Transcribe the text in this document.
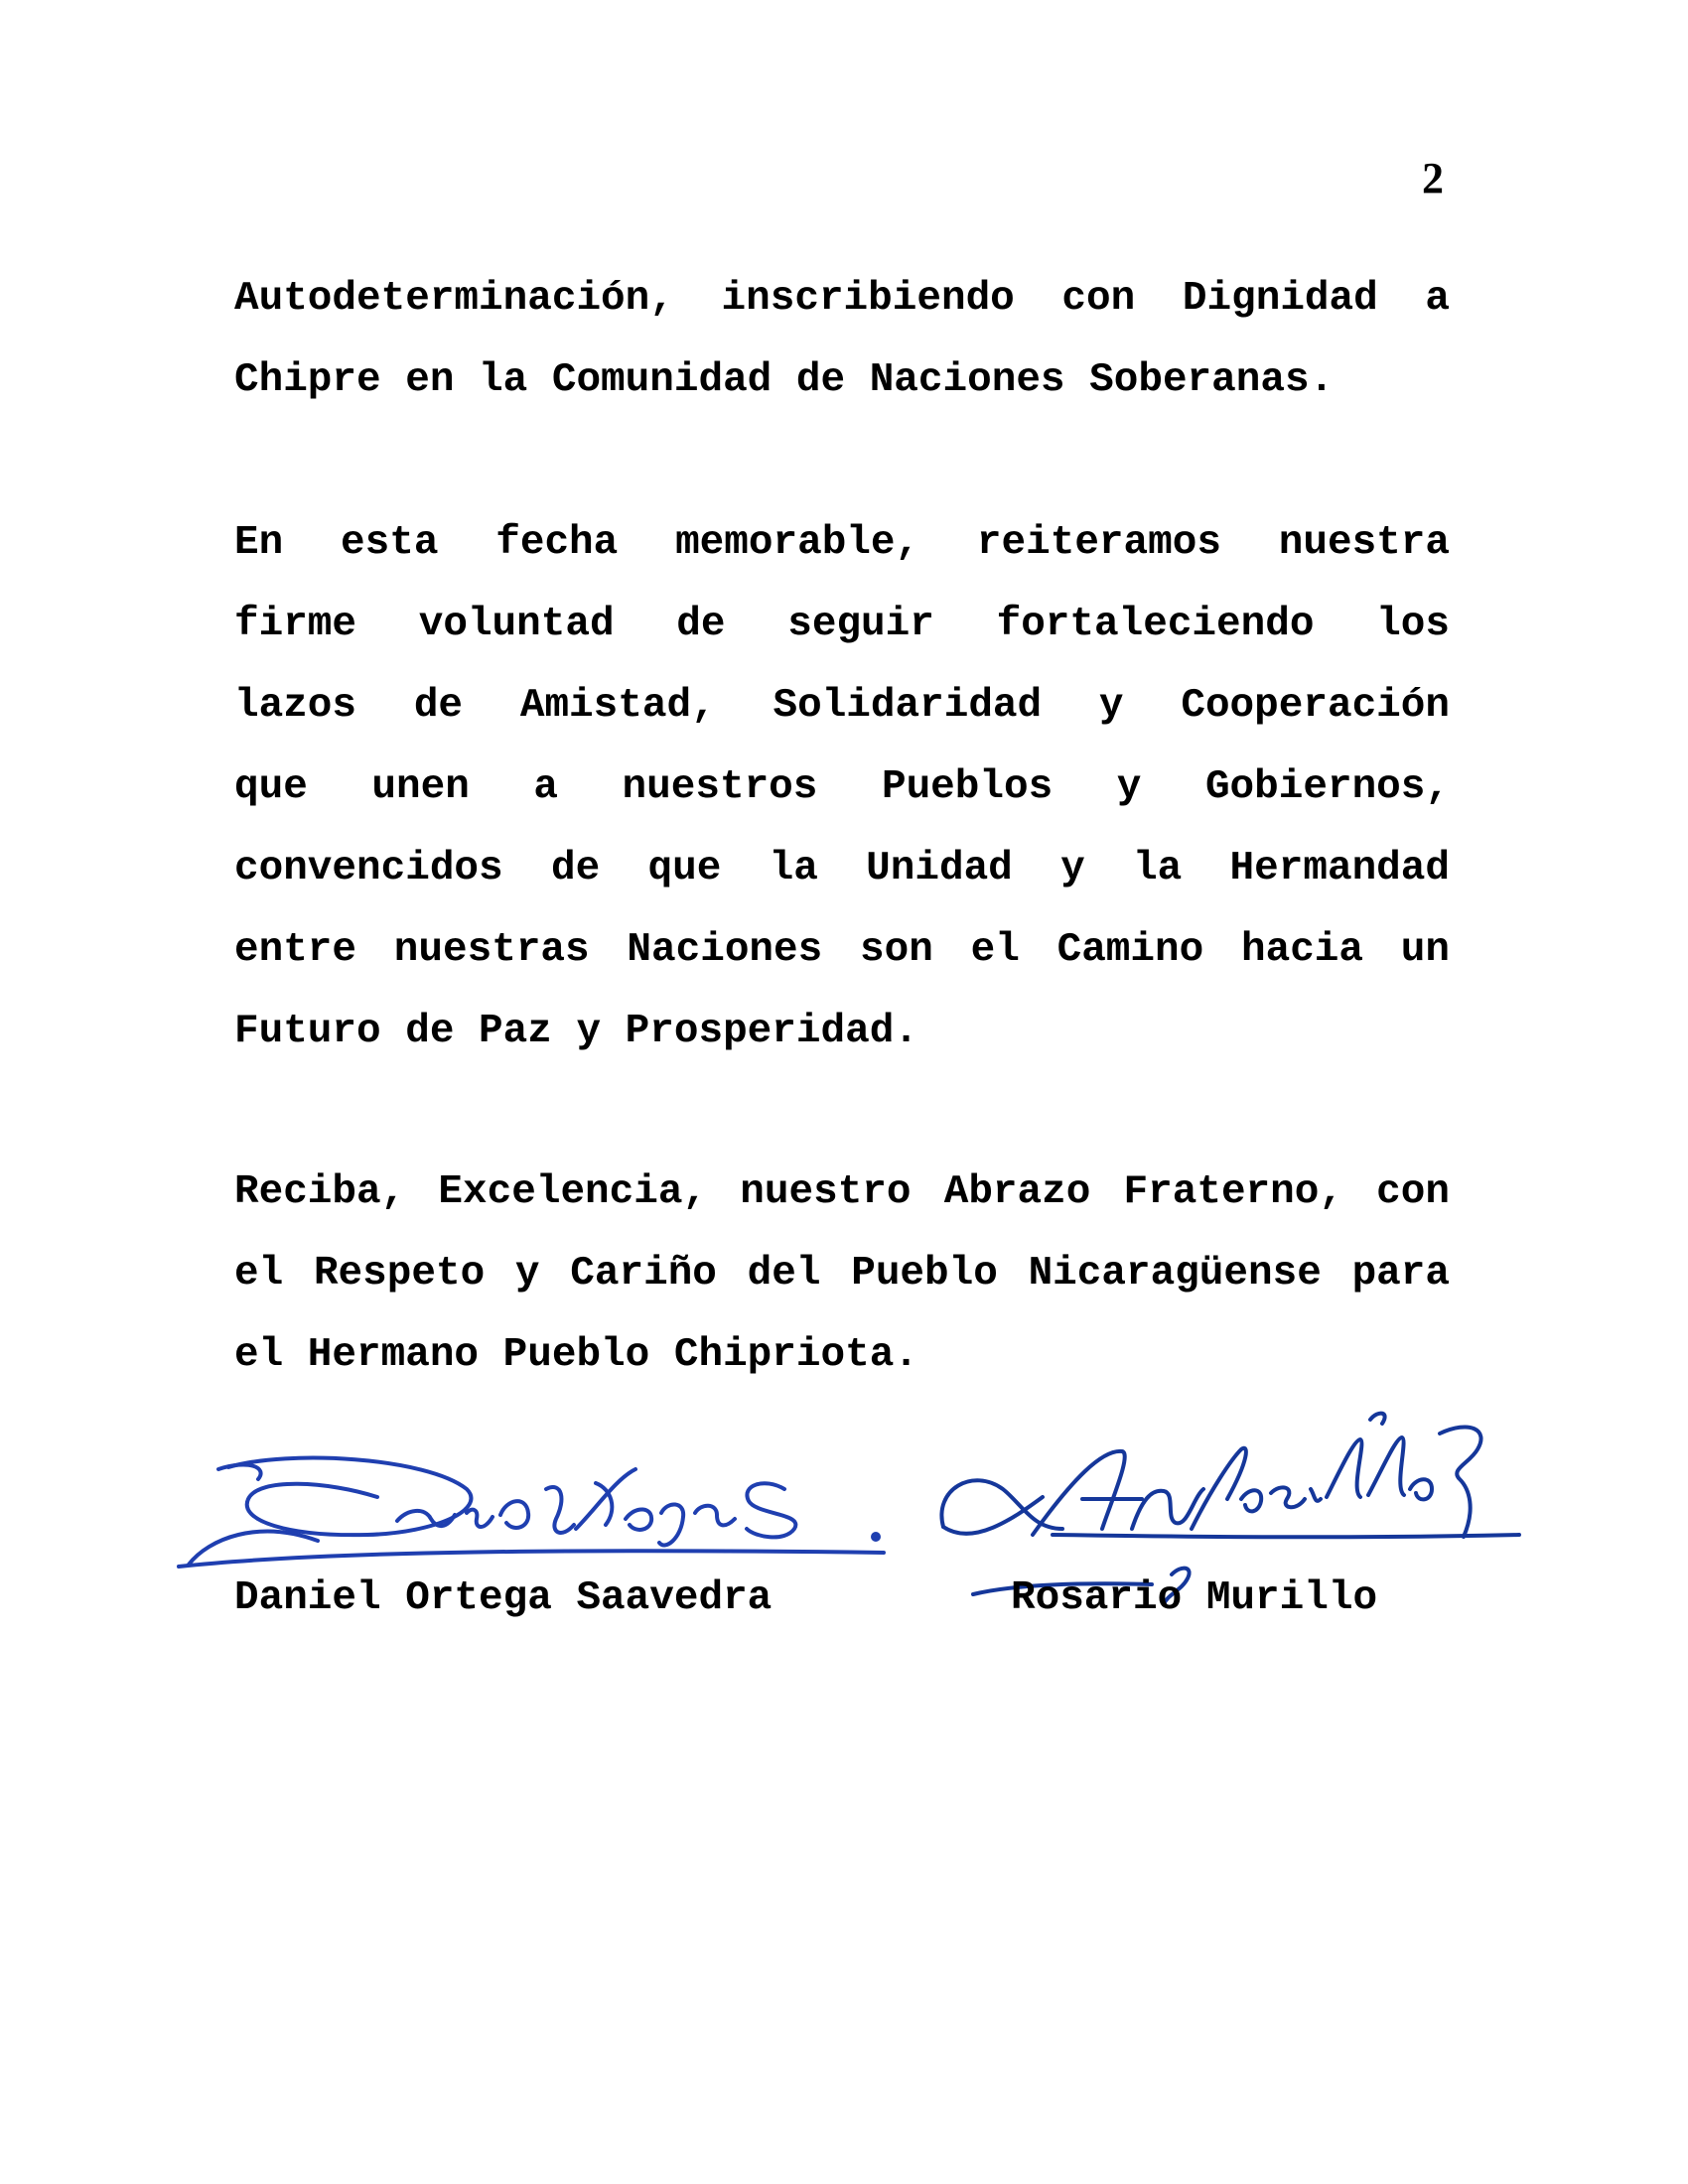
2
Autodeterminación, inscribiendo con Dignidad a
Chipre en la Comunidad de Naciones Soberanas.
En esta fecha memorable, reiteramos nuestra
firme voluntad de seguir fortaleciendo los
lazos de Amistad, Solidaridad y Cooperación
que unen a nuestros Pueblos y Gobiernos,
convencidos de que la Unidad y la Hermandad
entre nuestras Naciones son el Camino hacia un
Futuro de Paz y Prosperidad.
Reciba, Excelencia, nuestro Abrazo Fraterno, con
el Respeto y Cariño del Pueblo Nicaragüense para
el Hermano Pueblo Chipriota.
Daniel Ortega Saavedra	Rosario Murillo
